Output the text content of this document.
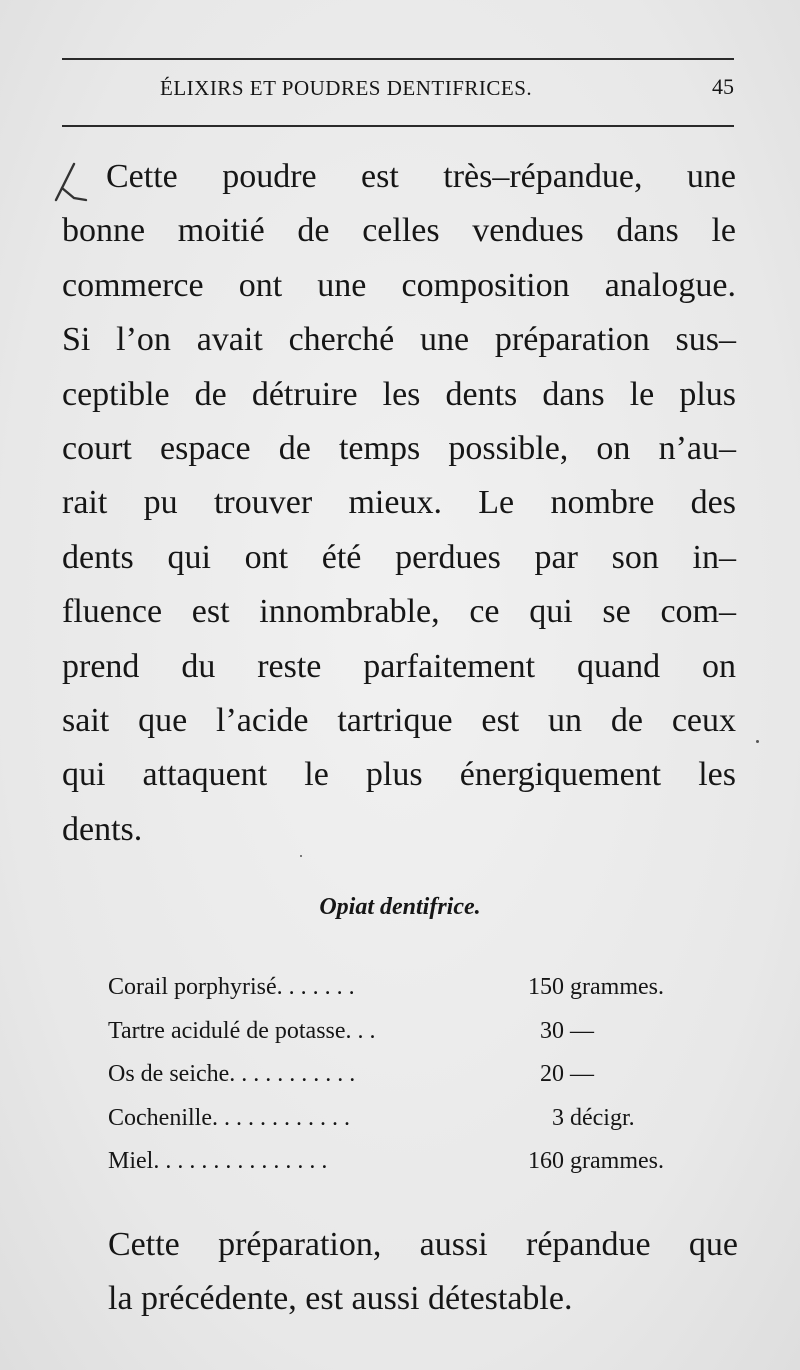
ÉLIXIRS ET POUDRES DENTIFRICES.	45
Cette poudre est très–répandue, une
bonne moitié de celles vendues dans le
commerce ont une composition analogue.
Si l’on avait cherché une préparation sus–
ceptible de détruire les dents dans le plus
court espace de temps possible, on n’au–
rait pu trouver mieux. Le nombre des
dents qui ont été perdues par son in–
fluence est innombrable, ce qui se com–
prend du reste parfaitement quand on
sait que l’acide tartrique est un de ceux
qui attaquent le plus énergiquement les
dents.
Opiat dentifrice.
Corail porphyrisé. . . . . . .	150 grammes.
Tartre acidulé de potasse. . .	30 —
Os de seiche. . . . . . . . . . .	20 —
Cochenille. . . . . . . . . . . .	3 décigr.
Miel. . . . . . . . . . . . . . .	160 grammes.
Cette préparation, aussi répandue que
la précédente, est aussi détestable.
